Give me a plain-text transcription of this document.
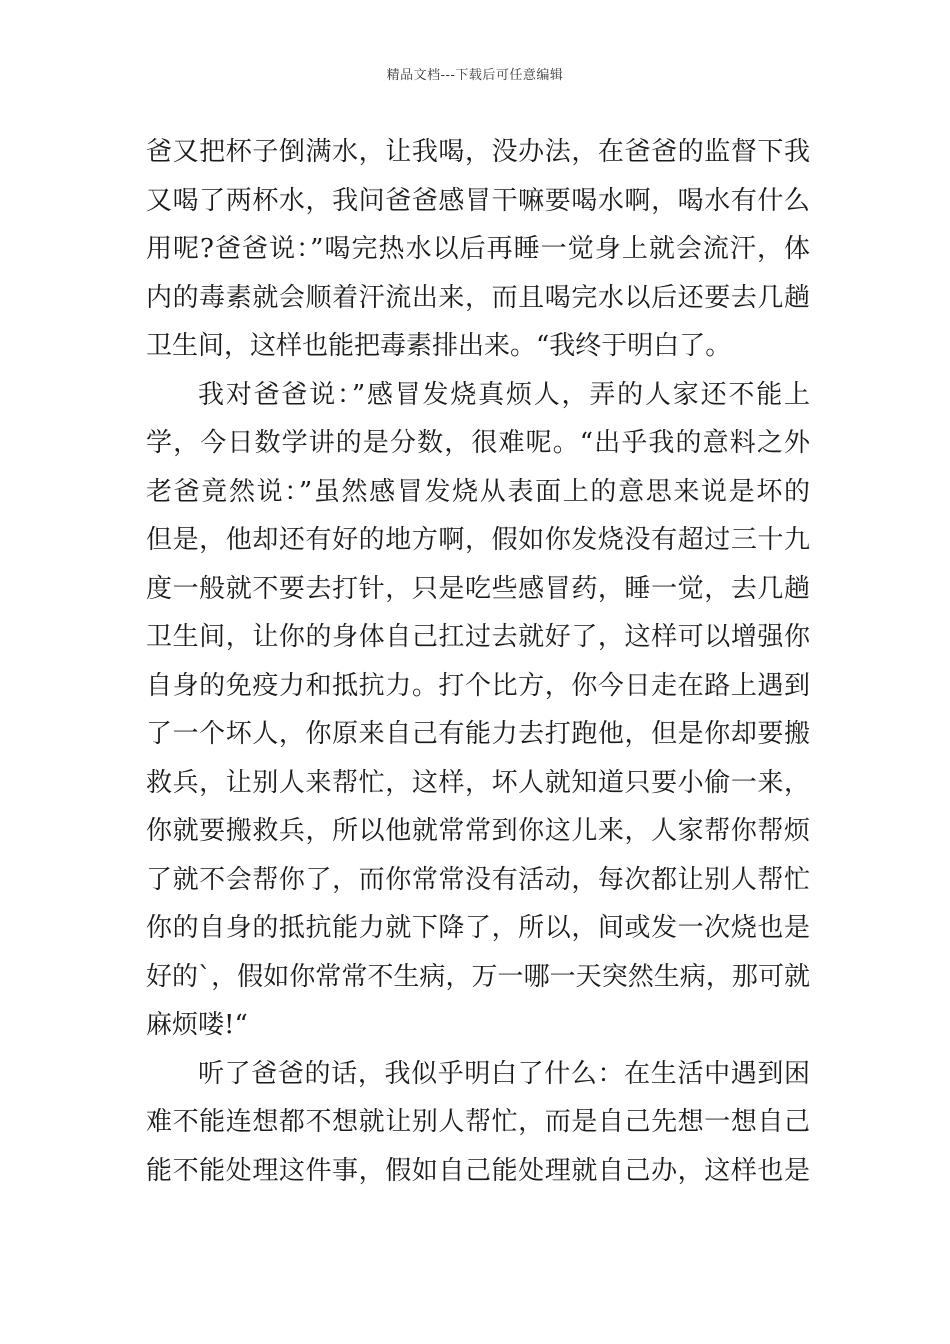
精品文档---下载后可任意编辑
爸又把杯子倒满水，让我喝，没办法，在爸爸的监督下我
又喝了两杯水，我问爸爸感冒干嘛要喝水啊，喝水有什么
用呢?爸爸说：”喝完热水以后再睡一觉身上就会流汗，体
内的毒素就会顺着汗流出来，而且喝完水以后还要去几趟
卫生间，这样也能把毒素排出来。“我终于明白了。
我对爸爸说：”感冒发烧真烦人，弄的人家还不能上
学，今日数学讲的是分数，很难呢。“出乎我的意料之外
老爸竟然说：”虽然感冒发烧从表面上的意思来说是坏的
但是，他却还有好的地方啊，假如你发烧没有超过三十九
度一般就不要去打针，只是吃些感冒药，睡一觉，去几趟
卫生间，让你的身体自己扛过去就好了，这样可以增强你
自身的免疫力和抵抗力。打个比方，你今日走在路上遇到
了一个坏人，你原来自己有能力去打跑他，但是你却要搬
救兵，让别人来帮忙，这样，坏人就知道只要小偷一来，
你就要搬救兵，所以他就常常到你这儿来，人家帮你帮烦
了就不会帮你了，而你常常没有活动，每次都让别人帮忙
你的自身的抵抗能力就下降了，所以，间或发一次烧也是
好的`，假如你常常不生病，万一哪一天突然生病，那可就
麻烦喽!“
听了爸爸的话，我似乎明白了什么：在生活中遇到困
难不能连想都不想就让别人帮忙，而是自己先想一想自己
能不能处理这件事，假如自己能处理就自己办，这样也是
